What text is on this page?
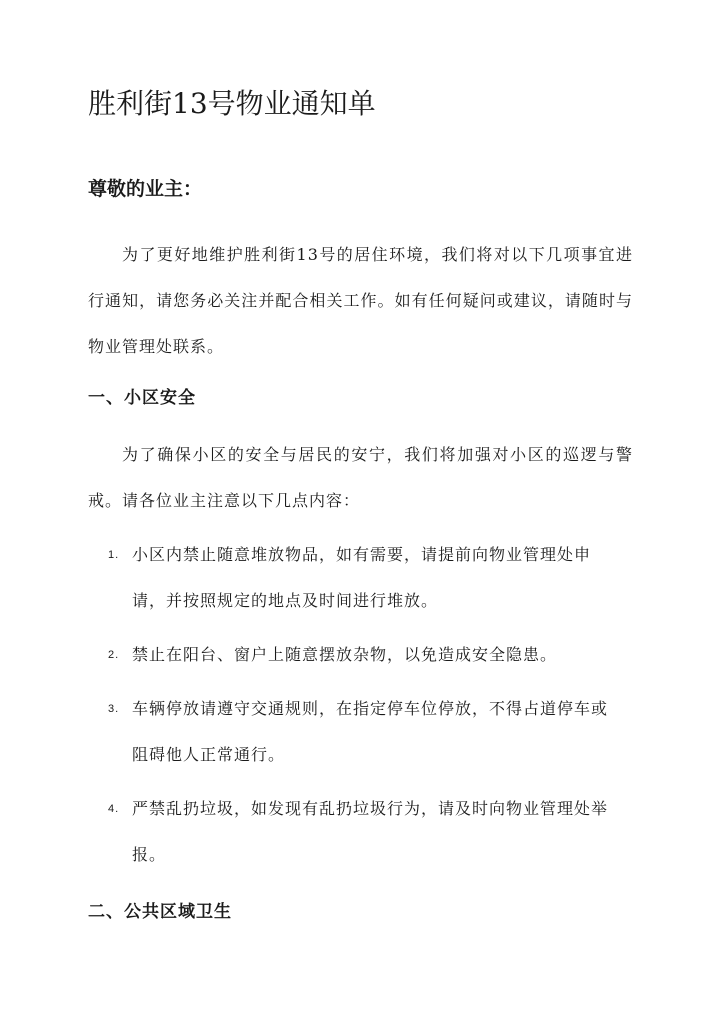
胜利街13号物业通知单
尊敬的业主：

为了更好地维护胜利街13号的居住环境，我们将对以下几项事宜进行通知，请您务必关注并配合相关工作。如有任何疑问或建议，请随时与物业管理处联系。

一、小区安全

为了确保小区的安全与居民的安宁，我们将加强对小区的巡逻与警戒。请各位业主注意以下几点内容：

1. 小区内禁止随意堆放物品，如有需要，请提前向物业管理处申请，并按照规定的地点及时间进行堆放。
2. 禁止在阳台、窗户上随意摆放杂物，以免造成安全隐患。
3. 车辆停放请遵守交通规则，在指定停车位停放，不得占道停车或阻碍他人正常通行。
4. 严禁乱扔垃圾，如发现有乱扔垃圾行为，请及时向物业管理处举报。
二、公共区域卫生
